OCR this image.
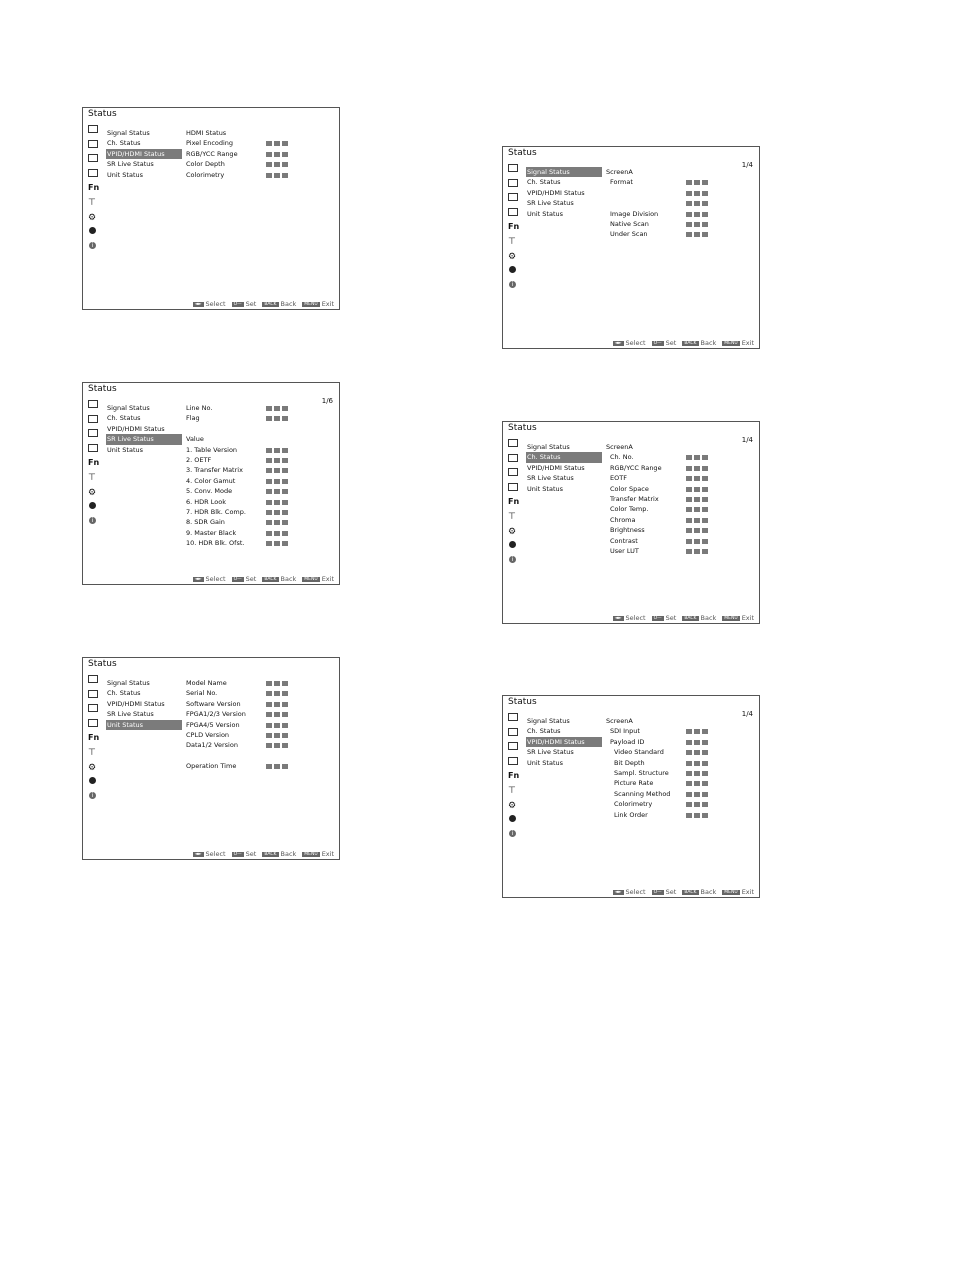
Status
Fn
⊤
⚙
i
Signal Status
Ch. Status
VPID/HDMI Status
SR Live Status
Unit Status
HDMI Status
Pixel Encoding
RGB/YCC Range
Color Depth
Colorimetry
◄► Select O— Set BACK Back MENU Exit
Status
1/4
Fn
⊤
⚙
i
Signal Status
Ch. Status
VPID/HDMI Status
SR Live Status
Unit Status
ScreenA
Format
Image Division
Native Scan
Under Scan
◄► Select O— Set BACK Back MENU Exit
Status
1/6
Fn
⊤
⚙
i
Signal Status
Ch. Status
VPID/HDMI Status
SR Live Status
Unit Status
Line No.
Flag
Value
1. Table Version
2. OETF
3. Transfer Matrix
4. Color Gamut
5. Conv. Mode
6. HDR Look
7. HDR Blk. Comp.
8. SDR Gain
9. Master Black
10. HDR Blk. Ofst.
◄► Select O— Set BACK Back MENU Exit
Status
1/4
Fn
⊤
⚙
i
Signal Status
Ch. Status
VPID/HDMI Status
SR Live Status
Unit Status
ScreenA
Ch. No.
RGB/YCC Range
EOTF
Color Space
Transfer Matrix
Color Temp.
Chroma
Brightness
Contrast
User LUT
◄► Select O— Set BACK Back MENU Exit
Status
Fn
⊤
⚙
i
Signal Status
Ch. Status
VPID/HDMI Status
SR Live Status
Unit Status
Model Name
Serial No.
Software Version
FPGA1/2/3 Version
FPGA4/5 Version
CPLD Version
Data1/2 Version
Operation Time
◄► Select O— Set BACK Back MENU Exit
Status
1/4
Fn
⊤
⚙
i
Signal Status
Ch. Status
VPID/HDMI Status
SR Live Status
Unit Status
ScreenA
SDI Input
Payload ID
Video Standard
Bit Depth
Sampl. Structure
Picture Rate
Scanning Method
Colorimetry
Link Order
◄► Select O— Set BACK Back MENU Exit
